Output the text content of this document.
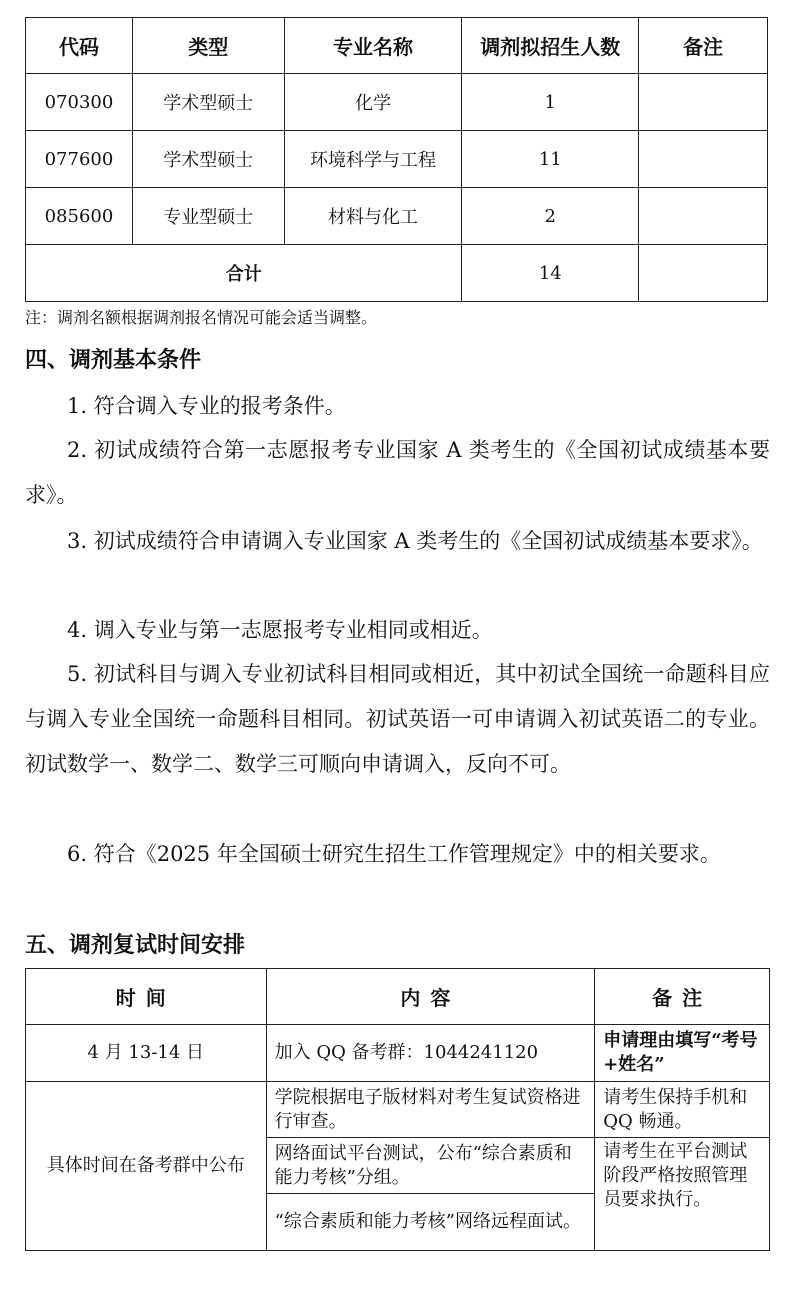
代码	类型	专业名称	调剂拟招生人数	备注
070300	学术型硕士	化学	1	
077600	学术型硕士	环境科学与工程	11	
085600	专业型硕士	材料与化工	2	
合计			14	
注：调剂名额根据调剂报名情况可能会适当调整。
四、调剂基本条件

1. 符合调入专业的报考条件。

2. 初试成绩符合第一志愿报考专业国家 A 类考生的《全国初试成绩基本要求》。

3. 初试成绩符合申请调入专业国家 A 类考生的《全国初试成绩基本要求》。

4. 调入专业与第一志愿报考专业相同或相近。

5. 初试科目与调入专业初试科目相同或相近，其中初试全国统一命题科目应与调入专业全国统一命题科目相同。初试英语一可申请调入初试英语二的专业。初试数学一、数学二、数学三可顺向申请调入，反向不可。

6. 符合《2025 年全国硕士研究生招生工作管理规定》中的相关要求。

五、调剂复试时间安排
时间	内容	备注
4 月 13-14 日	加入 QQ 备考群：1044241120	申请理由填写“考号+姓名”
具体时间在备考群中公布	学院根据电子版材料对考生复试资格进行审查。	请考生保持手机和 QQ 畅通。
	网络面试平台测试，公布“综合素质和能力考核”分组。	请考生在平台测试阶段严格按照管理员要求执行。
	“综合素质和能力考核”网络远程面试。	
